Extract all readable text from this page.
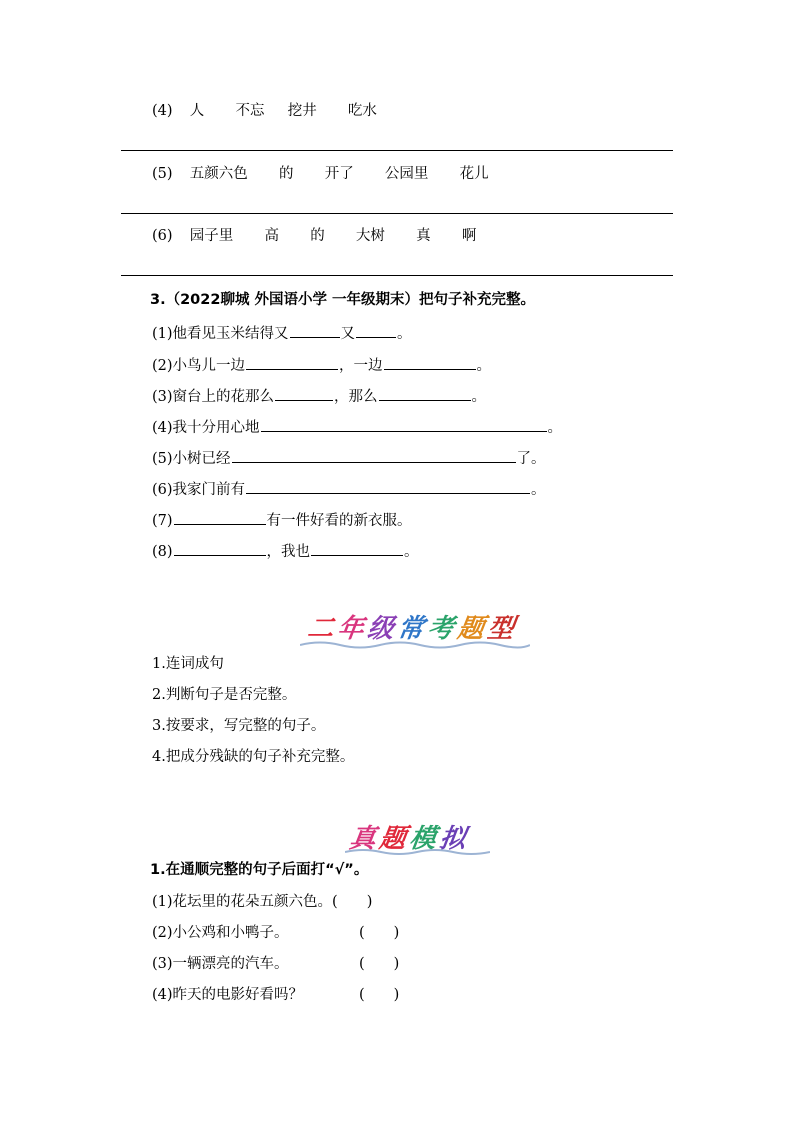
(4) 人 不忘 挖井 吃水
(5) 五颜六色 的 开了 公园里 花儿
(6) 园子里 高 的 大树 真 啊
3.（2022聊城 外国语小学 一年级期末）把句子补充完整。
(1)他看见玉米结得又	又	。
(2)小鸟儿一边	，一边	。
(3)窗台上的花那么	，那么	。
(4)我十分用心地	。
(5)小树已经	了。
(6)我家门前有	。
(7)	有一件好看的新衣服。
(8)	，我也	。
二年级常考题型
1.连词成句
2.判断句子是否完整。
3.按要求，写完整的句子。
4.把成分残缺的句子补充完整。
真题模拟
1.在通顺完整的句子后面打“√”。
(1)花坛里的花朵五颜六色。(　　)
(2)小公鸡和小鸭子。	(　　)
(3)一辆漂亮的汽车。	(　　)
(4)昨天的电影好看吗？	(　　)
